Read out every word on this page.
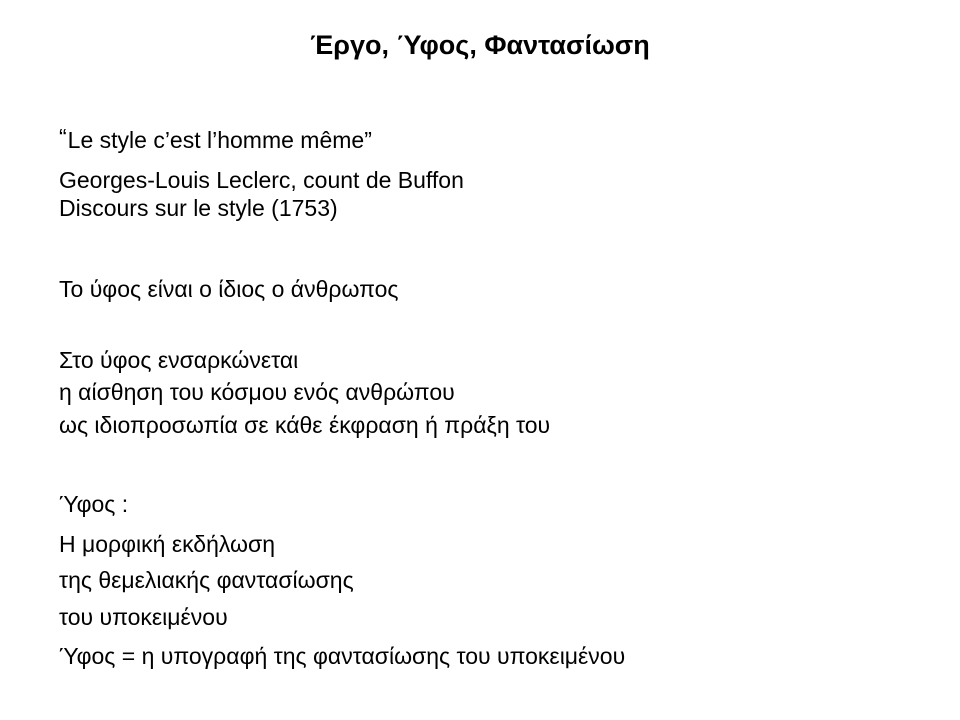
Έργο, Ύφος, Φαντασίωση
“Le style c’est l’homme même”
Georges-Louis Leclerc, count de Buffon
Discours sur le style (1753)
Το ύφος είναι ο ίδιος ο άνθρωπος
Στο ύφος ενσαρκώνεται
η αίσθηση του κόσμου ενός ανθρώπου
ως ιδιοπροσωπία σε κάθε έκφραση ή πράξη του
Ύφος :
Η μορφική εκδήλωση
της θεμελιακής φαντασίωσης
του υποκειμένου
Ύφος = η υπογραφή της φαντασίωσης του υποκειμένου
